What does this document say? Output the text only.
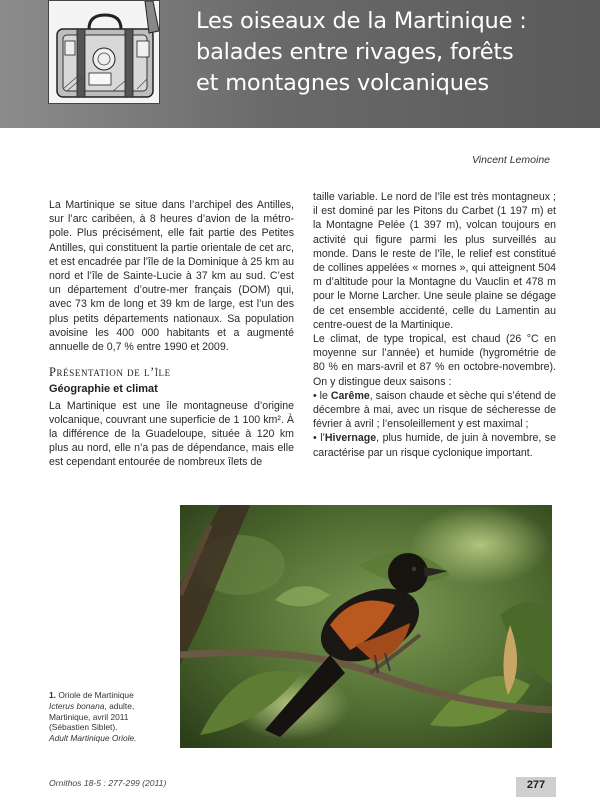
Les oiseaux de la Martinique :
balades entre rivages, forêts
et montagnes volcaniques
Vincent Lemoine

La Martinique se situe dans l’archipel des Antilles, sur l’arc caribéen, à 8 heures d’avion de la métro- pole. Plus précisément, elle fait partie des Petites Antilles, qui constituent la partie orientale de cet arc, et est encadrée par l’île de la Dominique à 25 km au nord et l’île de Sainte-Lucie à 37 km au sud. C’est un département d’outre-mer français (DOM) qui, avec 73 km de long et 39 km de large, est l’un des plus petits départements nationaux. Sa population avoisine les 400 000 habitants et a augmenté annuelle de 0,7 % entre 1990 et 2009.

Présentation de l’île
Géographie et climat

La Martinique est une île montagneuse d’origine volcanique, couvrant une superficie de 1 100 km². À la différence de la Guadeloupe, située à 120 km plus au nord, elle n’a pas de dépendance, mais elle est cependant entourée de nombreux îlets de

taille variable. Le nord de l’île est très montagneux ; il est dominé par les Pitons du Carbet (1 197 m) et la Montagne Pelée (1 397 m), volcan toujours en activité qui figure parmi les plus surveillés au monde. Dans le reste de l’île, le relief est constitué de collines appelées « mornes », qui atteignent 504 m d’altitude pour la Montagne du Vauclin et 478 m pour le Morne Larcher. Une seule plaine se dégage de cet ensemble accidenté, celle du Lamentin au centre-ouest de la Martinique.

Le climat, de type tropical, est chaud (26 °C en moyenne sur l’année) et humide (hygrométrie de 80 % en mars-avril et 87 % en octobre-novembre). On y distingue deux saisons :

• le Carême, saison chaude et sèche qui s’étend de décembre à mai, avec un risque de sécheresse de février à avril ; l’ensoleillement y est maximal ;

• l’Hivernage, plus humide, de juin à novembre, se caractérise par un risque cyclonique important.

1. Oriole de Martinique
Icterus bonana, adulte,
Martinique, avril 2011
(Sébastien Siblet).
Adult Martinique Oriole.
Ornithos 18-5 : 277-299 (2011)	277
